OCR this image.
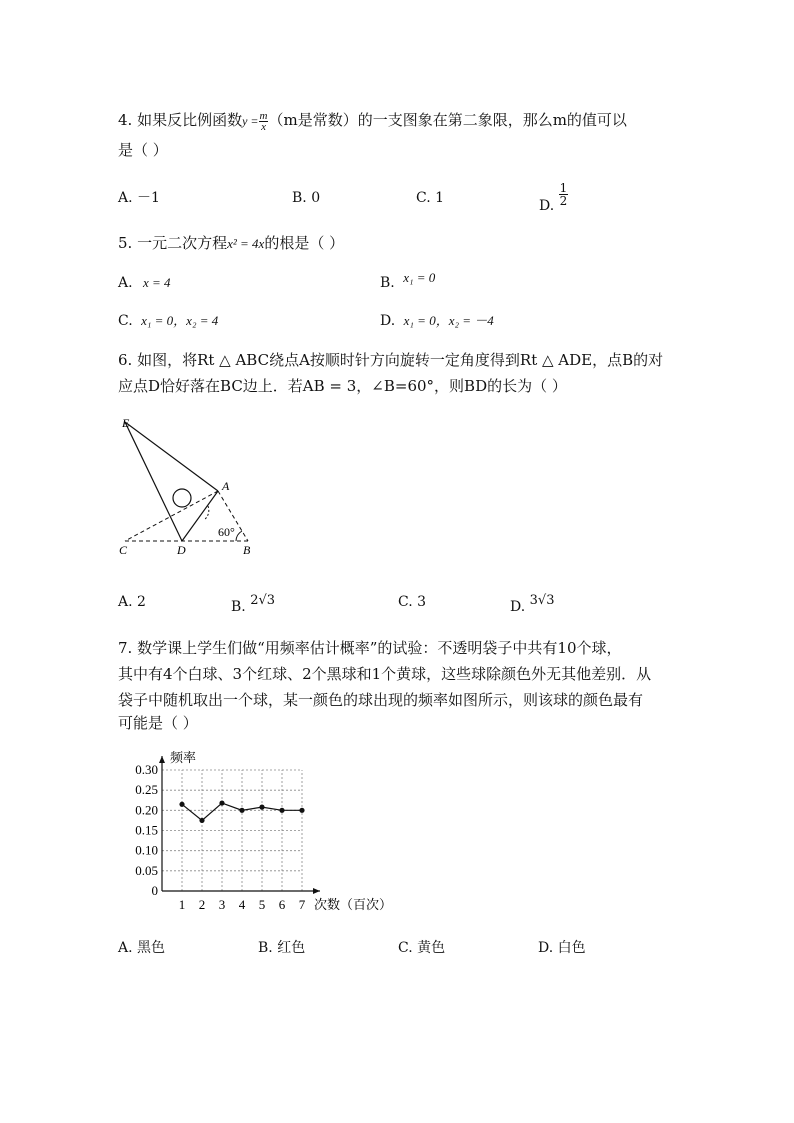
4. 如果反比例函数$y = \frac{m}{x} (m$是常数）的一支图象在第二象限，那么m的值可以
是（ ）
A. －1	B. 0	C. 1	D. $\frac{1}{2}$
5. 一元二次方程x² = 4x的根是（ ）
A. x = 4	B. x₁ = 0
C. x₁ = 0，x₂ = 4	D. x₁ = 0，x₂ = －4
6. 如图，将Rt △ ABC绕点A按顺时针方向旋转一定角度得到Rt △ ADE，点B的对
应点D恰好落在BC边上．若AB = 3，∠B=60°，则BD的长为（ ）
E
A
C	D	B
60°
A. 2	B. 2√3	C. 3	D. 3√3
7. 数学课上学生们做“用频率估计概率”的试验：不透明袋子中共有10个球，
其中有4个白球、3个红球、2个黑球和1个黄球，这些球除颜色外无其他差别．从
袋子中随机取出一个球，某一颜色的球出现的频率如图所示，则该球的颜色最有
可能是（ ）
0
0.05
0.10
0.15
0.20
0.25
0.30
1 2 3 4 5 6 7
频率
次数（百次）
A. 黑色	B. 红色	C. 黄色	D. 白色
